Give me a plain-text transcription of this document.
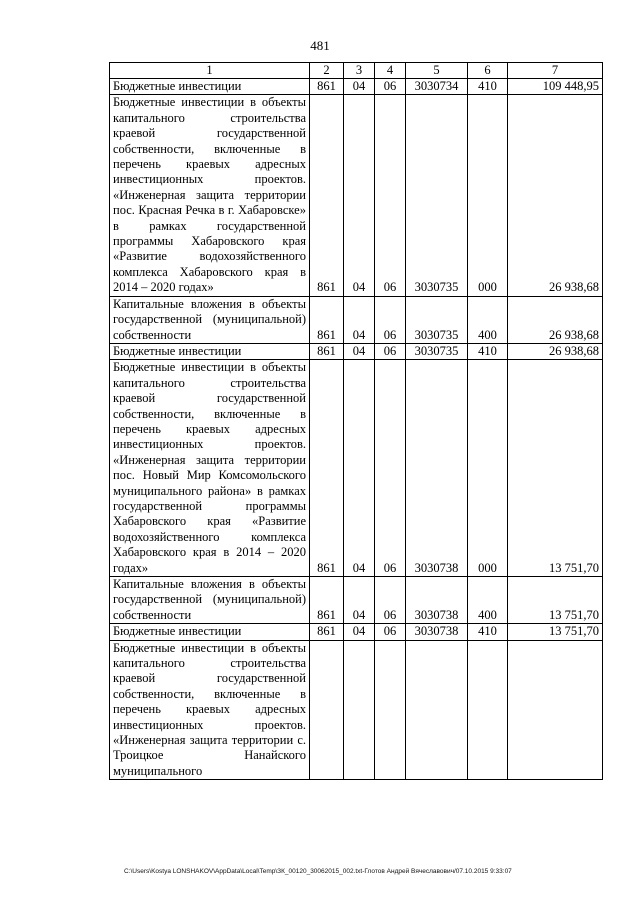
481
1	2	3	4	5	6	7
Бюджетные инвестиции	861	04	06	3030734	410	109 448,95
Бюджетные инвестиции в объекты капитального строительства краевой государственной собственности, включенные в перечень краевых адресных инвестиционных проектов. «Инженерная защита территории пос. Красная Речка в г. Хабаровске» в рамках государственной программы Хабаровского края «Развитие водохозяйственного комплекса Хабаровского края в 2014 – 2020 годах»	861	04	06	3030735	000	26 938,68
Капитальные вложения в объекты государственной (муниципальной) собственности	861	04	06	3030735	400	26 938,68
Бюджетные инвестиции	861	04	06	3030735	410	26 938,68
Бюджетные инвестиции в объекты капитального строительства краевой государственной собственности, включенные в перечень краевых адресных инвестиционных проектов. «Инженерная защита территории пос. Новый Мир Комсомольского муниципального района» в рамках государственной программы Хабаровского края «Развитие водохозяйственного комплекса Хабаровского края в 2014 – 2020 годах»	861	04	06	3030738	000	13 751,70
Капитальные вложения в объекты государственной (муниципальной) собственности	861	04	06	3030738	400	13 751,70
Бюджетные инвестиции	861	04	06	3030738	410	13 751,70
Бюджетные инвестиции в объекты капитального строительства краевой государственной собственности, включенные в перечень краевых адресных инвестиционных проектов. «Инженерная защита территории с. Троицкое Нанайского муниципального						
C:\Users\Kostya LONSHAKOV\AppData\Local\Temp\ЗК_00120_30062015_002.txt-Глотов Андрей Вячеславович/07.10.2015 9:33:07
